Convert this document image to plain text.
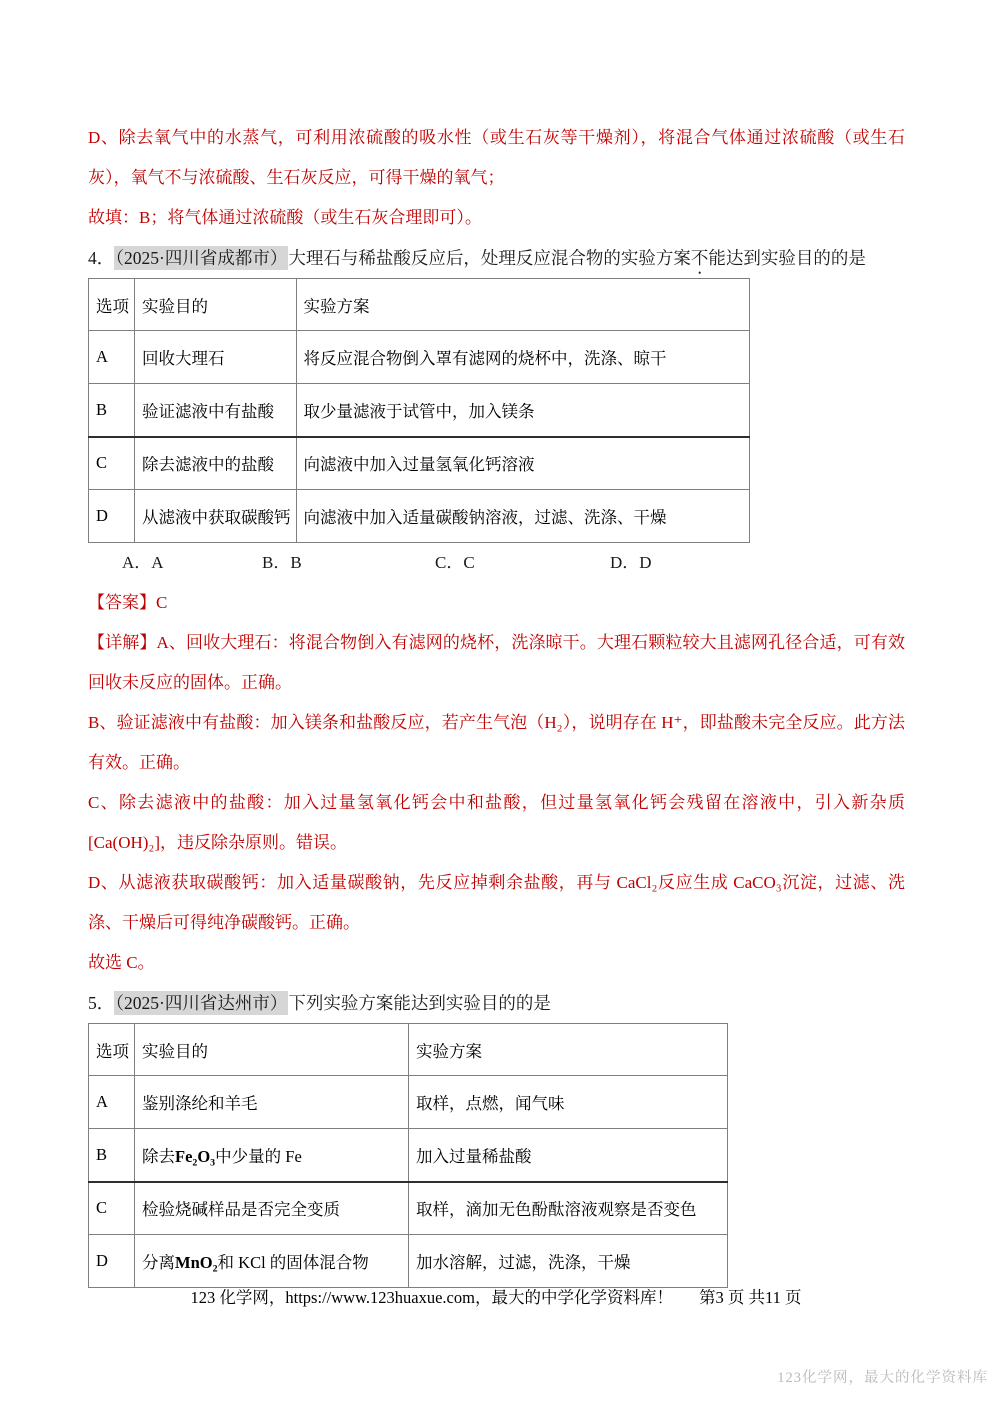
D、除去氧气中的水蒸气，可利用浓硫酸的吸水性（或生石灰等干燥剂），将混合气体通过浓硫酸（或生石灰），氧气不与浓硫酸、生石灰反应，可得干燥的氧气；

故填：B；将气体通过浓硫酸（或生石灰合理即可）。

4．（2025·四川省成都市）大理石与稀盐酸反应后，处理反应混合物的实验方案不能达到实验目的的是
选项	实验目的	实验方案
A	回收大理石	将反应混合物倒入罩有滤网的烧杯中，洗涤、晾干
B	验证滤液中有盐酸	取少量滤液于试管中，加入镁条
C	除去滤液中的盐酸	向滤液中加入过量氢氧化钙溶液
D	从滤液中获取碳酸钙	向滤液中加入适量碳酸钠溶液，过滤、洗涤、干燥
A．A	B．B	C．C	D．D

【答案】C

【详解】A、回收大理石：将混合物倒入有滤网的烧杯，洗涤晾干。大理石颗粒较大且滤网孔径合适，可有效回收未反应的固体。正确。

B、验证滤液中有盐酸：加入镁条和盐酸反应，若产生气泡（H₂），说明存在 H⁺，即盐酸未完全反应。此方法有效。正确。

C、除去滤液中的盐酸：加入过量氢氧化钙会中和盐酸，但过量氢氧化钙会残留在溶液中，引入新杂质[Ca(OH)₂]，违反除杂原则。错误。

D、从滤液获取碳酸钙：加入适量碳酸钠，先反应掉剩余盐酸，再与 CaCl₂反应生成 CaCO₃沉淀，过滤、洗涤、干燥后可得纯净碳酸钙。正确。

故选 C。

5．（2025·四川省达州市）下列实验方案能达到实验目的的是
选项	实验目的	实验方案
A	鉴别涤纶和羊毛	取样，点燃，闻气味
B	除去Fe₂O₃中少量的 Fe	加入过量稀盐酸
C	检验烧碱样品是否完全变质	取样，滴加无色酚酞溶液观察是否变色
D	分离MnO₂和 KCl 的固体混合物	加水溶解，过滤，洗涤，干燥
123 化学网，https://www.123huaxue.com，最大的中学化学资料库！ 第3 页 共11 页
123化学网，最大的化学资料库
